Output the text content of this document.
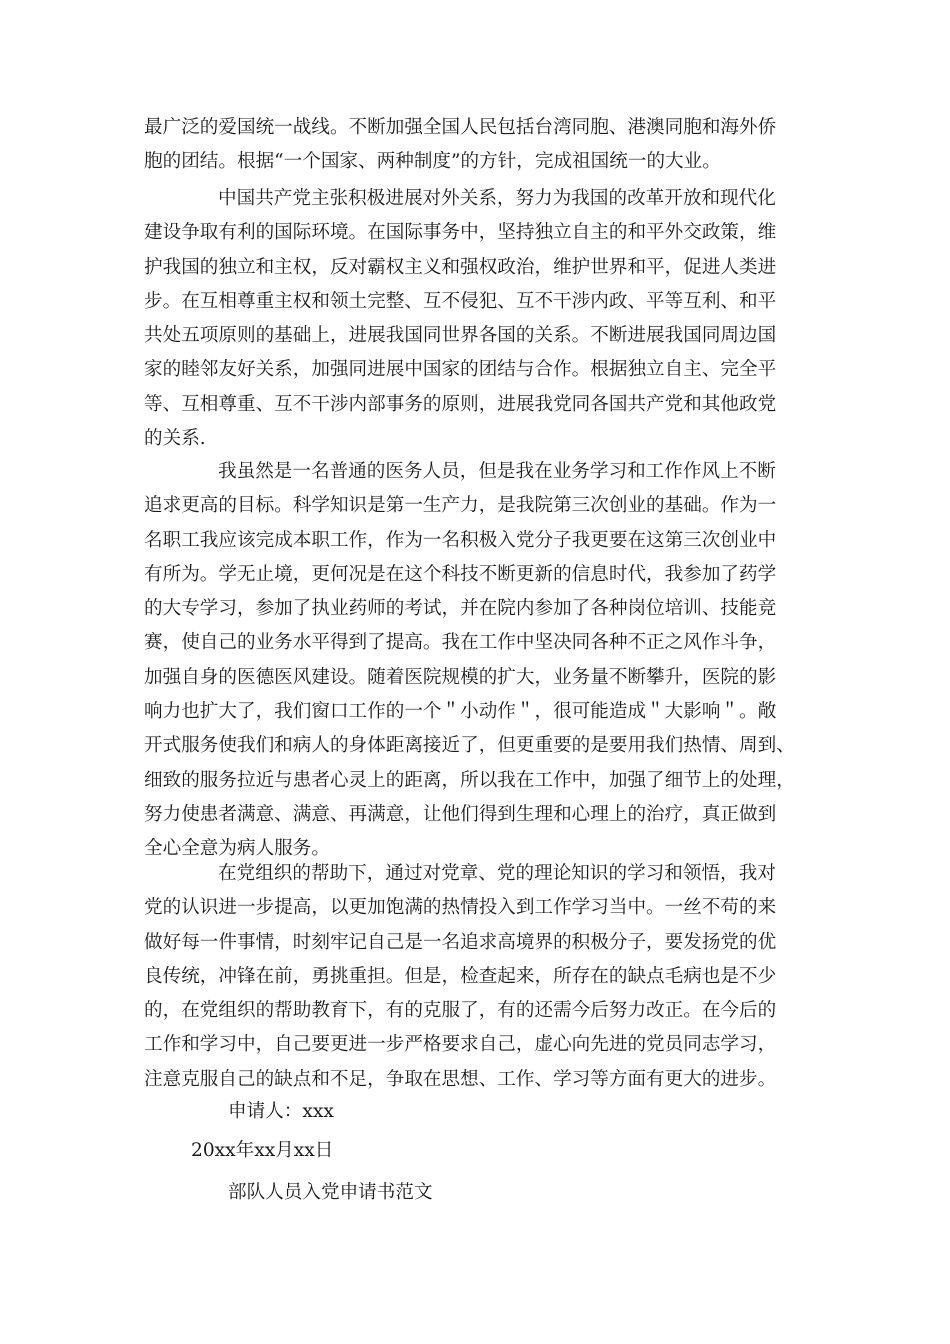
最广泛的爱国统一战线。不断加强全国人民包括台湾同胞、港澳同胞和海外侨
胞的团结。根据“一个国家、两种制度”的方针，完成祖国统一的大业。
中国共产党主张积极进展对外关系，努力为我国的改革开放和现代化
建设争取有利的国际环境。在国际事务中，坚持独立自主的和平外交政策，维
护我国的独立和主权，反对霸权主义和强权政治，维护世界和平，促进人类进
步。在互相尊重主权和领土完整、互不侵犯、互不干涉内政、平等互利、和平
共处五项原则的基础上，进展我国同世界各国的关系。不断进展我国同周边国
家的睦邻友好关系，加强同进展中国家的团结与合作。根据独立自主、完全平
等、互相尊重、互不干涉内部事务的原则，进展我党同各国共产党和其他政党
的关系.
我虽然是一名普通的医务人员，但是我在业务学习和工作作风上不断
追求更高的目标。科学知识是第一生产力，是我院第三次创业的基础。作为一
名职工我应该完成本职工作，作为一名积极入党分子我更要在这第三次创业中
有所为。学无止境，更何况是在这个科技不断更新的信息时代，我参加了药学
的大专学习，参加了执业药师的考试，并在院内参加了各种岗位培训、技能竞
赛，使自己的业务水平得到了提高。我在工作中坚决同各种不正之风作斗争，
加强自身的医德医风建设。随着医院规模的扩大，业务量不断攀升，医院的影
响力也扩大了，我们窗口工作的一个＂小动作＂，很可能造成＂大影响＂。敞
开式服务使我们和病人的身体距离接近了，但更重要的是要用我们热情、周到、
细致的服务拉近与患者心灵上的距离，所以我在工作中，加强了细节上的处理，
努力使患者满意、满意、再满意，让他们得到生理和心理上的治疗，真正做到
全心全意为病人服务。
在党组织的帮助下，通过对党章、党的理论知识的学习和领悟，我对
党的认识进一步提高，以更加饱满的热情投入到工作学习当中。一丝不苟的来
做好每一件事情，时刻牢记自己是一名追求高境界的积极分子，要发扬党的优
良传统，冲锋在前，勇挑重担。但是，检查起来，所存在的缺点毛病也是不少
的，在党组织的帮助教育下，有的克服了，有的还需今后努力改正。在今后的
工作和学习中，自己要更进一步严格要求自己，虚心向先进的党员同志学习，
注意克服自己的缺点和不足，争取在思想、工作、学习等方面有更大的进步。

申请人：xxx

20xx年xx月xx日

部队人员入党申请书范文
